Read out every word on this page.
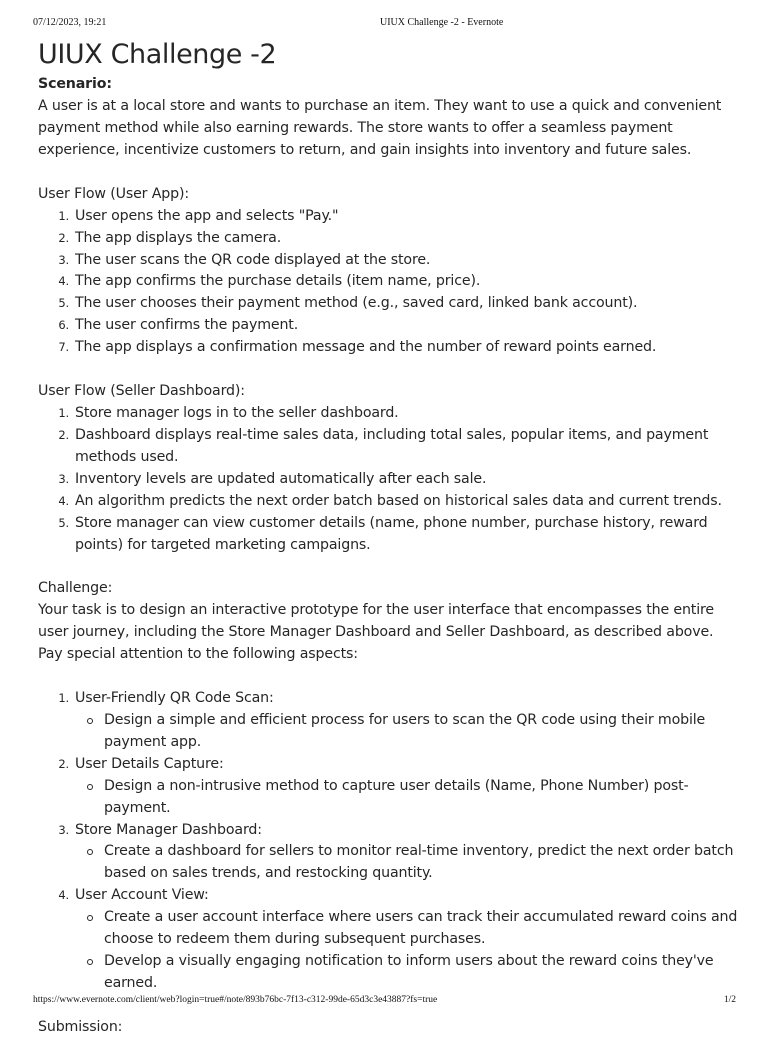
07/12/2023, 19:21	UIUX Challenge -2 - Evernote
UIUX Challenge -2
Scenario:

A user is at a local store and wants to purchase an item. They want to use a quick and convenient payment method while also earning rewards. The store wants to offer a seamless payment experience, incentivize customers to return, and gain insights into inventory and future sales.

User Flow (User App):
1. User opens the app and selects "Pay."
2. The app displays the camera.
3. The user scans the QR code displayed at the store.
4. The app confirms the purchase details (item name, price).
5. The user chooses their payment method (e.g., saved card, linked bank account).
6. The user confirms the payment.
7. The app displays a confirmation message and the number of reward points earned.
User Flow (Seller Dashboard):
1. Store manager logs in to the seller dashboard.
2. Dashboard displays real-time sales data, including total sales, popular items, and payment methods used.
3. Inventory levels are updated automatically after each sale.
4. An algorithm predicts the next order batch based on historical sales data and current trends.
5. Store manager can view customer details (name, phone number, purchase history, reward points) for targeted marketing campaigns.
Challenge:

Your task is to design an interactive prototype for the user interface that encompasses the entire user journey, including the Store Manager Dashboard and Seller Dashboard, as described above. Pay special attention to the following aspects:

1. User-Friendly QR Code Scan:
Design a simple and efficient process for users to scan the QR code using their mobile payment app.
2. User Details Capture:
Design a non-intrusive method to capture user details (Name, Phone Number) post-payment.
3. Store Manager Dashboard:
Create a dashboard for sellers to monitor real-time inventory, predict the next order batch based on sales trends, and restocking quantity.
4. User Account View:
Create a user account interface where users can track their accumulated reward coins and choose to redeem them during subsequent purchases.
Develop a visually engaging notification to inform users about the reward coins they've earned.
Submission:
https://www.evernote.com/client/web?login=true#/note/893b76bc-7f13-c312-99de-65d3c3e43887?fs=true	1/2
